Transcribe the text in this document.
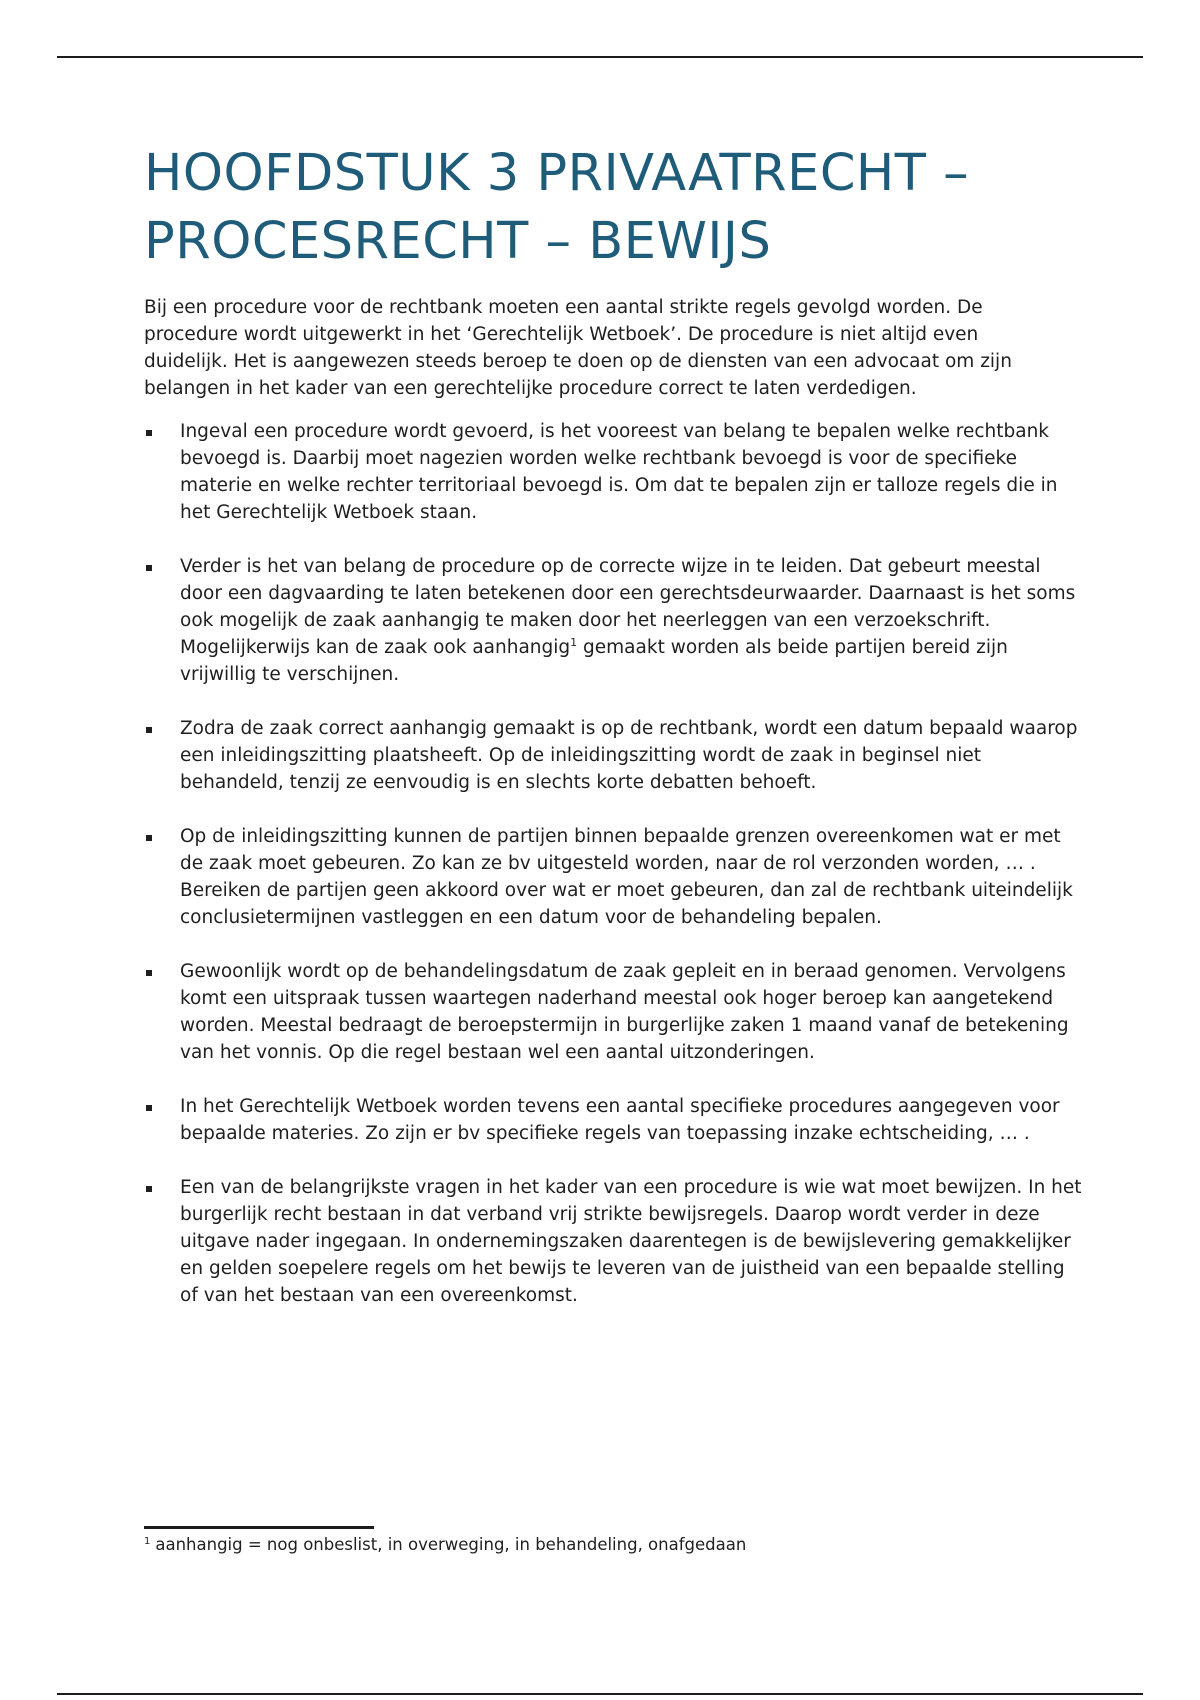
HOOFDSTUK 3 PRIVAATRECHT –
PROCESRECHT – BEWIJS

Bij een procedure voor de rechtbank moeten een aantal strikte regels gevolgd worden. De procedure wordt uitgewerkt in het ‘Gerechtelijk Wetboek’. De procedure is niet altijd even duidelijk. Het is aangewezen steeds beroep te doen op de diensten van een advocaat om zijn belangen in het kader van een gerechtelijke procedure correct te laten verdedigen.

Ingeval een procedure wordt gevoerd, is het vooreest van belang te bepalen welke rechtbank bevoegd is. Daarbij moet nagezien worden welke rechtbank bevoegd is voor de specifieke materie en welke rechter territoriaal bevoegd is. Om dat te bepalen zijn er talloze regels die in het Gerechtelijk Wetboek staan.
Verder is het van belang de procedure op de correcte wijze in te leiden. Dat gebeurt meestal door een dagvaarding te laten betekenen door een gerechtsdeurwaarder. Daarnaast is het soms ook mogelijk de zaak aanhangig te maken door het neerleggen van een verzoekschrift. Mogelijkerwijs kan de zaak ook aanhangig$^1$ gemaakt worden als beide partijen bereid zijn vrijwillig te verschijnen.
Zodra de zaak correct aanhangig gemaakt is op de rechtbank, wordt een datum bepaald waarop een inleidingszitting plaatsheeft. Op de inleidingszitting wordt de zaak in beginsel niet behandeld, tenzij ze eenvoudig is en slechts korte debatten behoeft.
Op de inleidingszitting kunnen de partijen binnen bepaalde grenzen overeenkomen wat er met de zaak moet gebeuren. Zo kan ze bv uitgesteld worden, naar de rol verzonden worden, … . Bereiken de partijen geen akkoord over wat er moet gebeuren, dan zal de rechtbank uiteindelijk conclusietermijnen vastleggen en een datum voor de behandeling bepalen.
Gewoonlijk wordt op de behandelingsdatum de zaak gepleit en in beraad genomen. Vervolgens komt een uitspraak tussen waartegen naderhand meestal ook hoger beroep kan aangetekend worden. Meestal bedraagt de beroepstermijn in burgerlijke zaken 1 maand vanaf de betekening van het vonnis. Op die regel bestaan wel een aantal uitzonderingen.
In het Gerechtelijk Wetboek worden tevens een aantal specifieke procedures aangegeven voor bepaalde materies. Zo zijn er bv specifieke regels van toepassing inzake echtscheiding, … .
Een van de belangrijkste vragen in het kader van een procedure is wie wat moet bewijzen. In het burgerlijk recht bestaan in dat verband vrij strikte bewijsregels. Daarop wordt verder in deze uitgave nader ingegaan. In ondernemingszaken daarentegen is de bewijslevering gemakkelijker en gelden soepelere regels om het bewijs te leveren van de juistheid van een bepaalde stelling of van het bestaan van een overeenkomst.
$^1$ aanhangig = nog onbeslist, in overweging, in behandeling, onafgedaan
